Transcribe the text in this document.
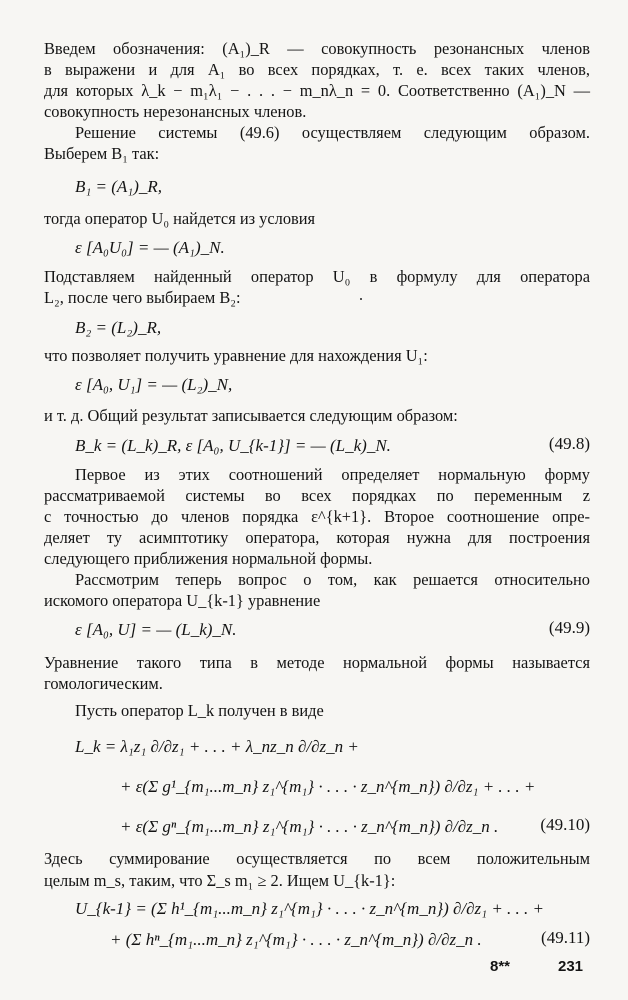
Введем обозначения: (A₁)_R — совокупность резонансных членов
в выражени и для A₁ во всех порядках, т. е. всех таких членов,
для которых λ_k − m₁λ₁ − . . . − m_nλ_n = 0. Соответственно (A₁)_N —
совокупность нерезонансных членов.
Решение системы (49.6) осуществляем следующим образом.
Выберем B₁ так:
B₁ = (A₁)_R,
тогда оператор U₀ найдется из условия
ε [A₀U₀] = — (A₁)_N.
Подставляем найденный оператор U₀ в формулу для оператора
L₂, после чего выбираем B₂:
B₂ = (L₂)_R,
что позволяет получить уравнение для нахождения U₁:
ε [A₀, U₁] = — (L₂)_N,
и т. д. Общий результат записывается следующим образом:
B_k = (L_k)_R, ε [A₀, U_{k-1}] = — (L_k)_N.	(49.8)
Первое из этих соотношений определяет нормальную форму
рассматриваемой системы во всех порядках по переменным z
с точностью до членов порядка ε^{k+1}. Второе соотношение опре-
деляет ту асимптотику оператора, которая нужна для построения
следующего приближения нормальной формы.
Рассмотрим теперь вопрос о том, как решается относительно
искомого оператора U_{k-1} уравнение
ε [A₀, U] = — (L_k)_N.	(49.9)
Уравнение такого типа в методе нормальной формы называется
гомологическим.
Пусть оператор L_k получен в виде
L_k = λ₁z₁ ∂/∂z₁ + . . . + λ_nz_n ∂/∂z_n +
+ ε(Σ g¹_{m₁...m_n} z₁^{m₁} · . . . · z_n^{m_n}) ∂/∂z₁ + . . . +
+ ε(Σ gⁿ_{m₁...m_n} z₁^{m₁} · . . . · z_n^{m_n}) ∂/∂z_n . (49.10)
Здесь суммирование осуществляется по всем положительным
целым m_s, таким, что Σ_s m₁ ≥ 2. Ищем U_{k-1}:
U_{k-1} = (Σ h¹_{m₁...m_n} z₁^{m₁} · . . . · z_n^{m_n}) ∂/∂z₁ + . . . +
+ (Σ hⁿ_{m₁...m_n} z₁^{m₁} · . . . · z_n^{m_n}) ∂/∂z_n .	(49.11)
8**	231
